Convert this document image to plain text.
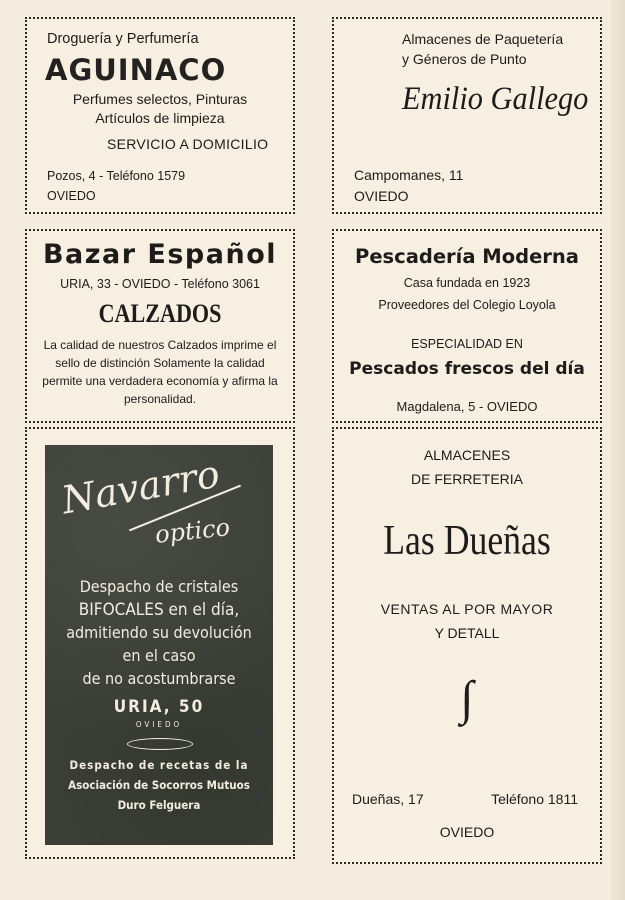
Droguería y Perfumería
AGUINACO
Perfumes selectos, Pinturas
Artículos de limpieza
SERVICIO A DOMICILIO
Pozos, 4 - Teléfono 1579
OVIEDO
Almacenes de Paquetería
y Géneros de Punto
Emilio Gallego
Campomanes, 11
OVIEDO
Bazar Español
URIA, 33 - OVIEDO - Teléfono 3061
CALZADOS
La calidad de nuestros Calzados imprime el sello de distinción Solamente la calidad permite una verdadera economía y afirma la personalidad.
Pescadería Moderna
Casa fundada en 1923
Proveedores del Colegio Loyola
ESPECIALIDAD EN
Pescados frescos del día
Magdalena, 5 - OVIEDO
Navarro
optico
Despacho de cristales
BIFOCALES en el día,
admitiendo su devolución
en el caso
de no acostumbrarse
URIA, 50
OVIEDO
Despacho de recetas de la
Asociación de Socorros Mutuos
Duro Felguera
ALMACENES
DE FERRETERIA
Las Dueñas
VENTAS AL POR MAYOR
Y DETALL
∫
Dueñas, 17	Teléfono 1811
OVIEDO
